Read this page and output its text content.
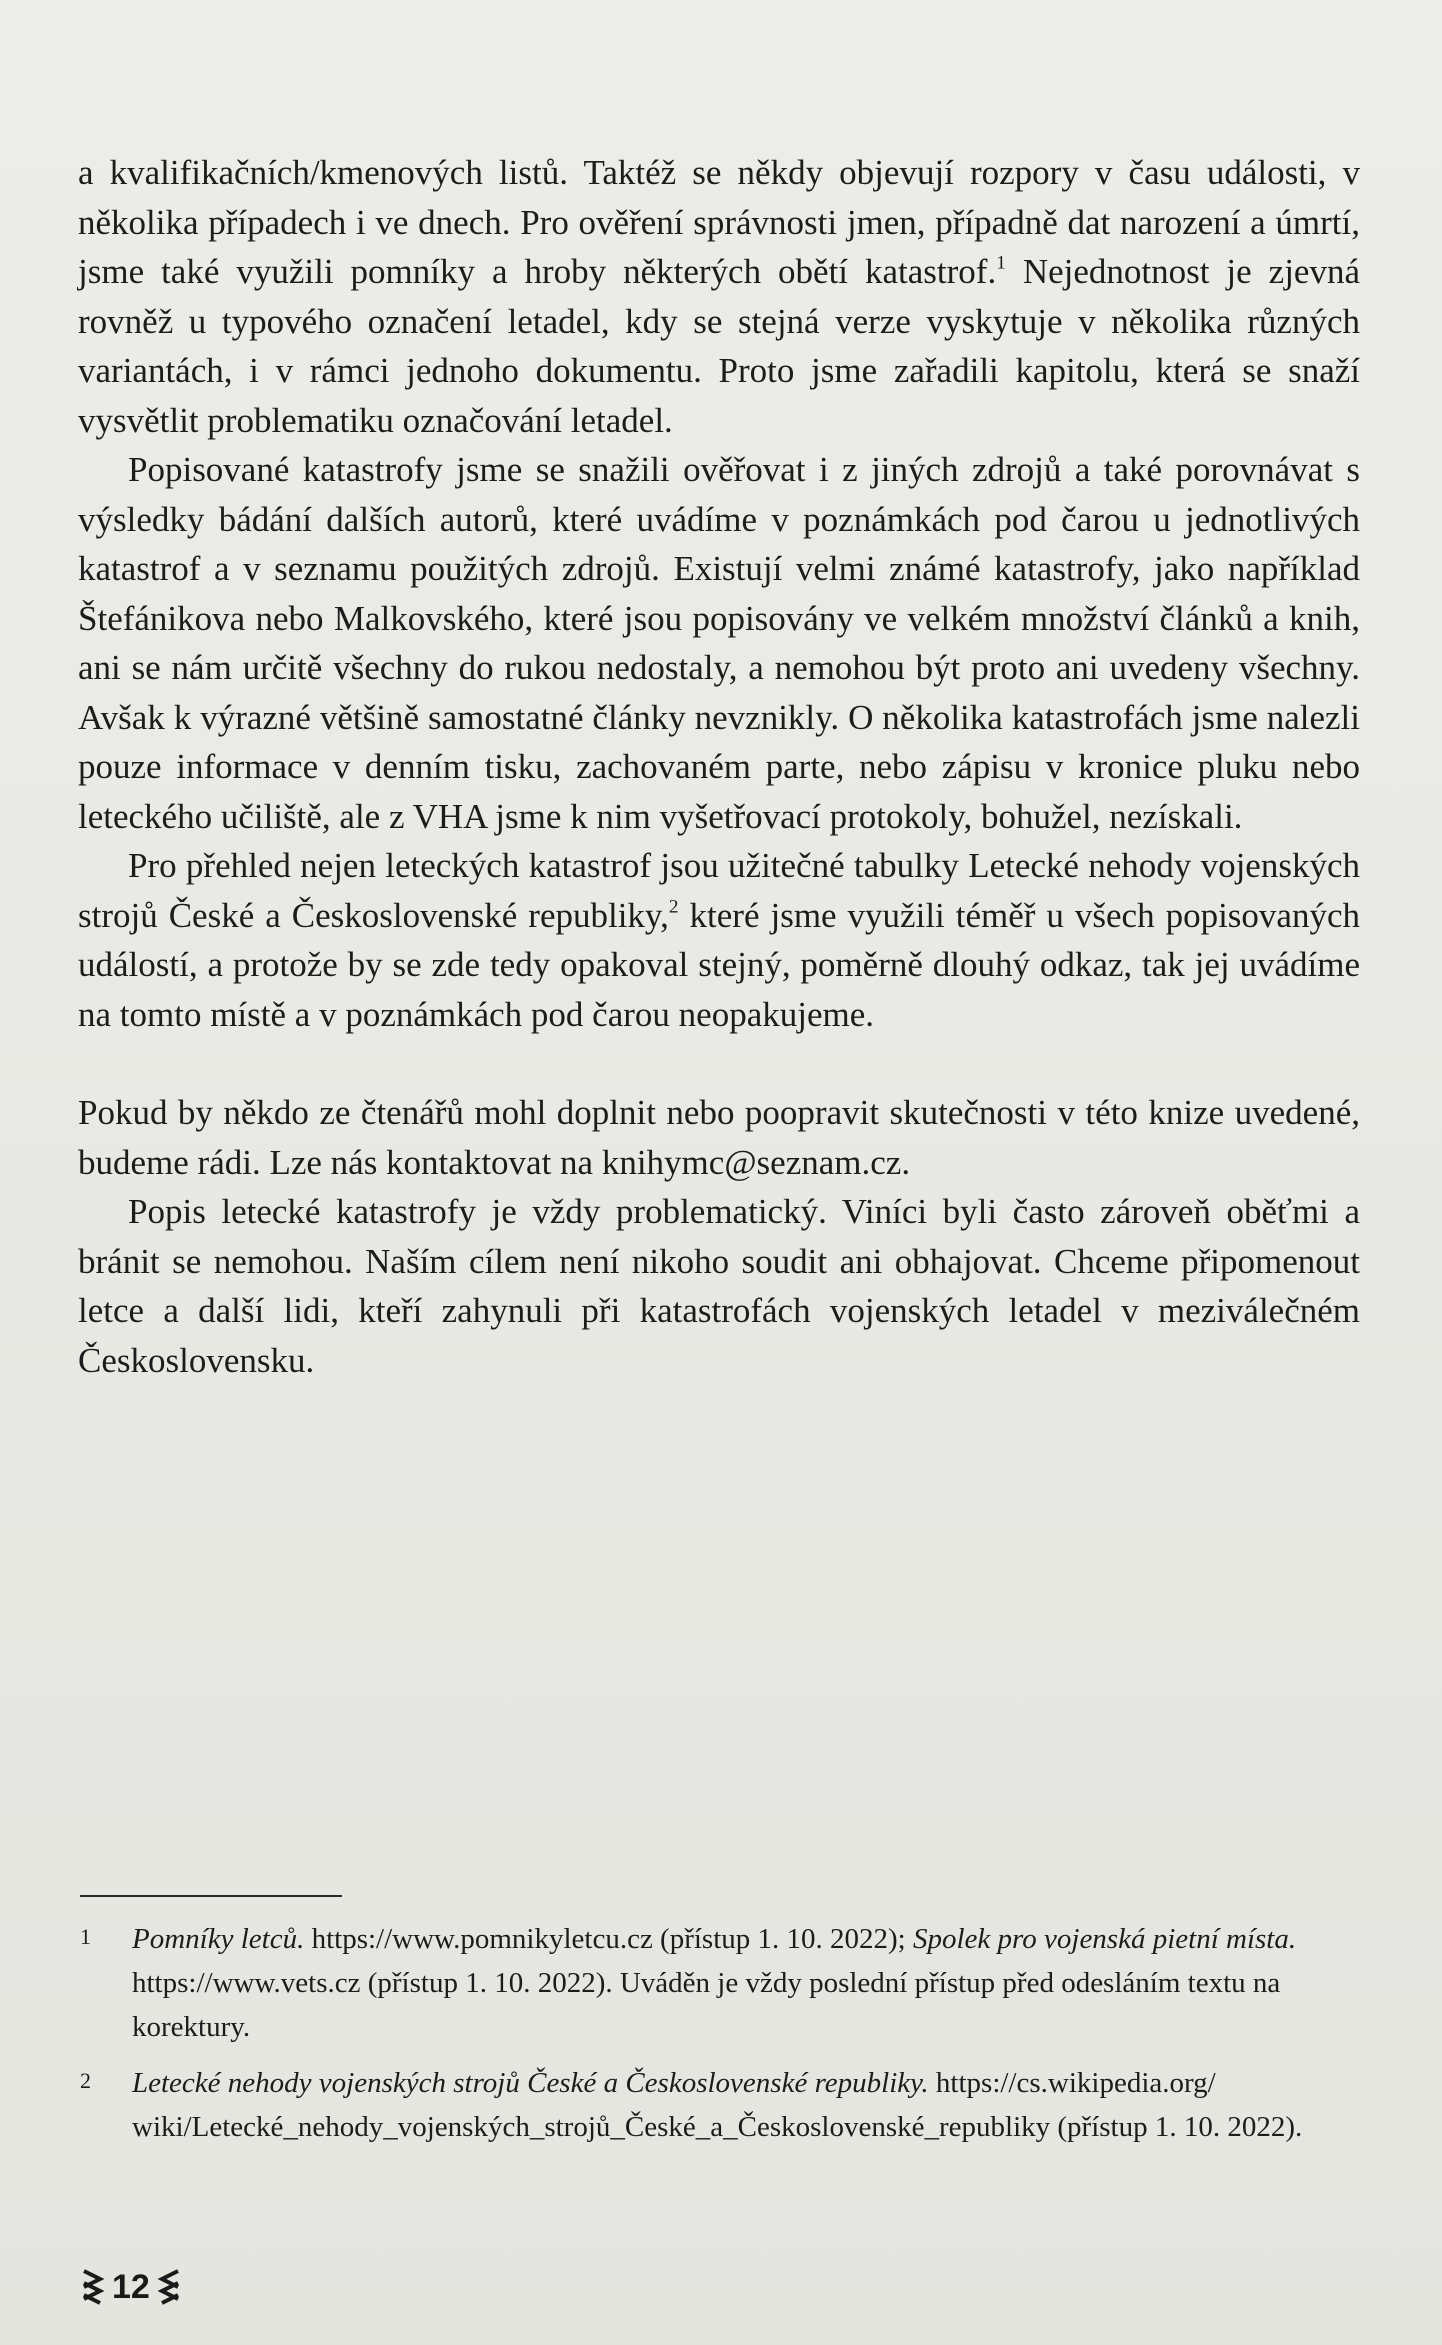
a kvalifikačních/kmenových listů. Taktéž se někdy objevují rozpory v času události, v několika případech i ve dnech. Pro ověření správnosti jmen, případně dat narození a úmrtí, jsme také využili pomníky a hroby některých obětí katastrof.$^1$ Nejednotnost je zjevná rovněž u typového označení letadel, kdy se stejná verze vyskytuje v několika různých variantách, i v rámci jednoho dokumentu. Proto jsme zařadili kapitolu, která se snaží vysvětlit problematiku označování letadel.

Popisované katastrofy jsme se snažili ověřovat i z jiných zdrojů a také porovnávat s výsledky bádání dalších autorů, které uvádíme v poznámkách pod čarou u jednotlivých katastrof a v seznamu použitých zdrojů. Existují velmi známé katastrofy, jako například Štefánikova nebo Malkovského, které jsou popisovány ve velkém množství článků a knih, ani se nám určitě všechny do rukou nedostaly, a nemohou být proto ani uvedeny všechny. Avšak k výrazné většině samostatné články nevznikly. O několika katastrofách jsme nalezli pouze informace v denním tisku, zachovaném parte, nebo zápisu v kronice pluku nebo leteckého učiliště, ale z VHA jsme k nim vyšetřovací protokoly, bohužel, nezískali.

Pro přehled nejen leteckých katastrof jsou užitečné tabulky Letecké nehody vojenských strojů České a Československé republiky,$^2$ které jsme využili téměř u všech popisovaných událostí, a protože by se zde tedy opakoval stejný, poměrně dlouhý odkaz, tak jej uvádíme na tomto místě a v poznámkách pod čarou neopakujeme.

Pokud by někdo ze čtenářů mohl doplnit nebo poopravit skutečnosti v této knize uvedené, budeme rádi. Lze nás kontaktovat na knihymc@seznam.cz.

Popis letecké katastrofy je vždy problematický. Viníci byli často zároveň oběťmi a bránit se nemohou. Naším cílem není nikoho soudit ani obhajovat. Chceme připomenout letce a další lidi, kteří zahynuli při katastrofách vojenských letadel v meziválečném Československu.

1 Pomníky letců. https://www.pomnikyletcu.cz (přístup 1. 10. 2022); Spolek pro vojenská pietní místa. https://www.vets.cz (přístup 1. 10. 2022). Uváděn je vždy poslední přístup před odesláním textu na korektury.
2 Letecké nehody vojenských strojů České a Československé republiky. https://cs.wikipedia.org/ wiki/Letecké_nehody_vojenských_strojů_České_a_Československé_republiky (přístup 1. 10. 2022).
12
